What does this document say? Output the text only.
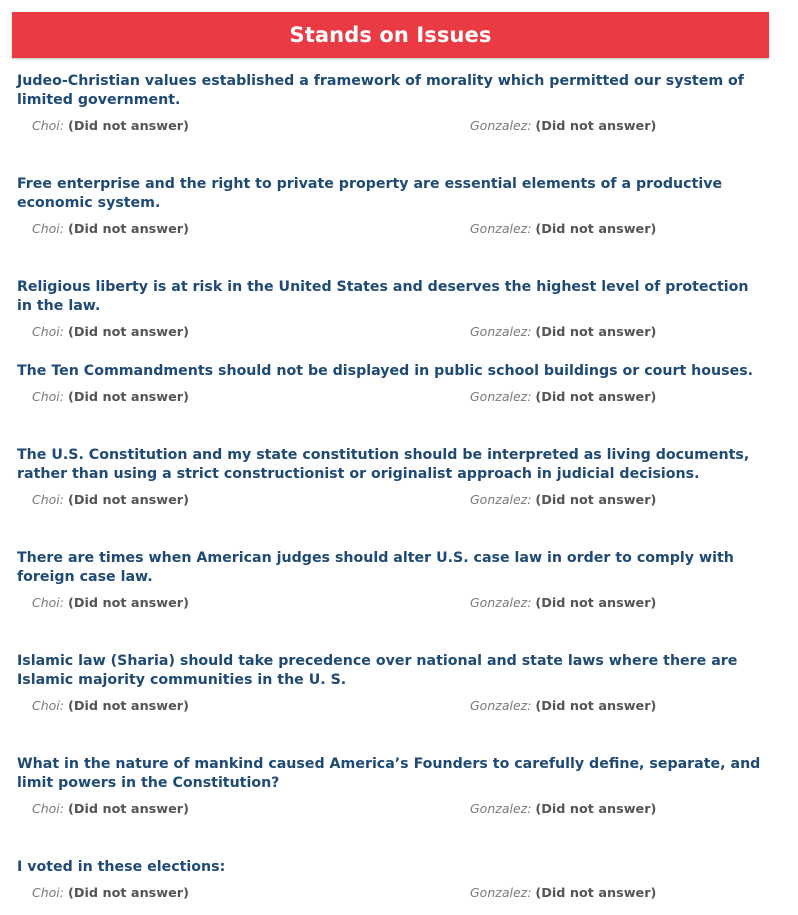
Stands on Issues

Judeo-Christian values established a framework of morality which permitted our system of limited government.

Choi: (Did not answer)	Gonzalez: (Did not answer)

Free enterprise and the right to private property are essential elements of a productive economic system.

Choi: (Did not answer)	Gonzalez: (Did not answer)

Religious liberty is at risk in the United States and deserves the highest level of protection in the law.

Choi: (Did not answer)	Gonzalez: (Did not answer)

The Ten Commandments should not be displayed in public school buildings or court houses.

Choi: (Did not answer)	Gonzalez: (Did not answer)

The U.S. Constitution and my state constitution should be interpreted as living documents, rather than using a strict constructionist or originalist approach in judicial decisions.

Choi: (Did not answer)	Gonzalez: (Did not answer)

There are times when American judges should alter U.S. case law in order to comply with foreign case law.

Choi: (Did not answer)	Gonzalez: (Did not answer)

Islamic law (Sharia) should take precedence over national and state laws where there are Islamic majority communities in the U. S.

Choi: (Did not answer)	Gonzalez: (Did not answer)

What in the nature of mankind caused America’s Founders to carefully define, separate, and limit powers in the Constitution?

Choi: (Did not answer)	Gonzalez: (Did not answer)

I voted in these elections:

Choi: (Did not answer)	Gonzalez: (Did not answer)
